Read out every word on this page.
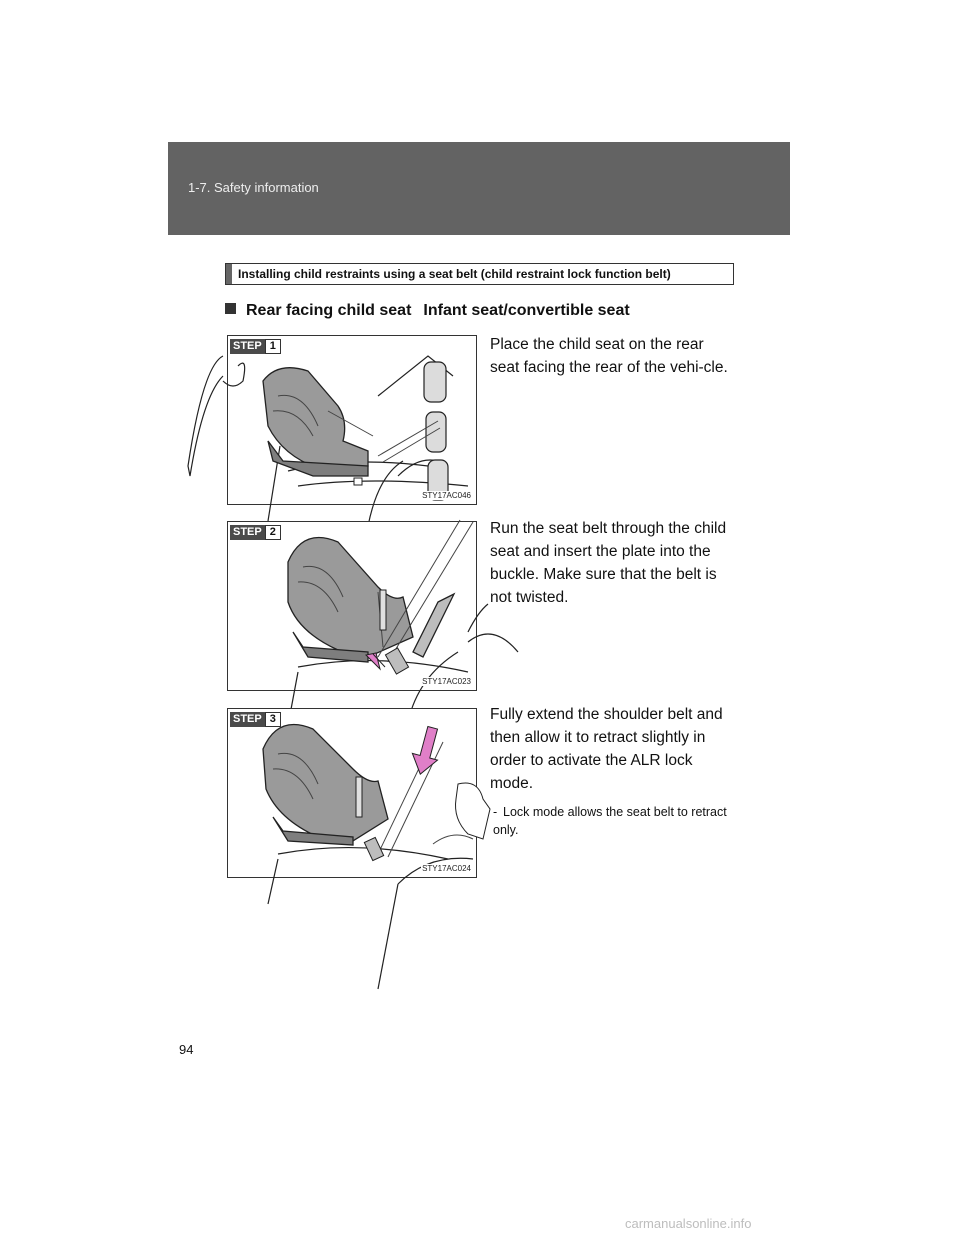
1-7. Safety information
Installing child restraints using a seat belt (child restraint lock function belt)
Rear facing child seat Infant seat/convertible seat
STEP 1
STY17AC046
Place the child seat on the rear seat facing the rear of the vehi-cle.
STEP 2
STY17AC023
Run the seat belt through the child seat and insert the plate into the buckle. Make sure that the belt is not twisted.
STEP 3
STY17AC024
Fully extend the shoulder belt and then allow it to retract slightly in order to activate the ALR lock mode.
- Lock mode allows the seat belt to retract only.
94
carmanualsonline.info
